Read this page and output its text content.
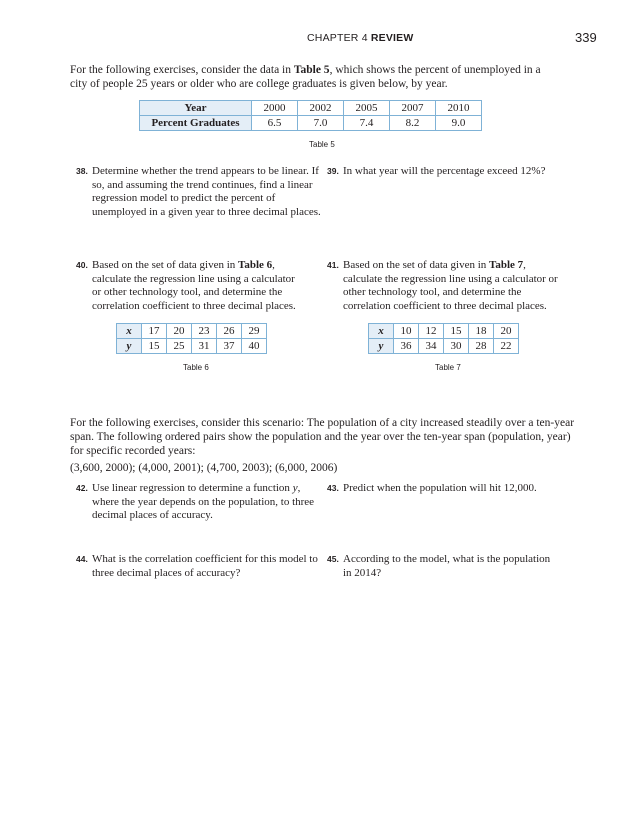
CHAPTER 4 REVIEW	339
For the following exercises, consider the data in Table 5, which shows the percent of unemployed in a city of people 25 years or older who are college graduates is given below, by year.
Year	2000	2002	2005	2007	2010
Percent Graduates	6.5	7.0	7.4	8.2	9.0
Table 5
38. Determine whether the trend appears to be linear. If so, and assuming the trend continues, find a linear regression model to predict the percent of unemployed in a given year to three decimal places.
39. In what year will the percentage exceed 12%?
40. Based on the set of data given in Table 6, calculate the regression line using a calculator or other technology tool, and determine the correlation coefficient to three decimal places.
41. Based on the set of data given in Table 7, calculate the regression line using a calculator or other technology tool, and determine the correlation coefficient to three decimal places.
x	17	20	23	26	29
y	15	25	31	37	40
Table 6
x	10	12	15	18	20
y	36	34	30	28	22
Table 7
For the following exercises, consider this scenario: The population of a city increased steadily over a ten-year span. The following ordered pairs show the population and the year over the ten-year span (population, year) for specific recorded years:
(3,600, 2000); (4,000, 2001); (4,700, 2003); (6,000, 2006)
42. Use linear regression to determine a function y, where the year depends on the population, to three decimal places of accuracy.
43. Predict when the population will hit 12,000.
44. What is the correlation coefficient for this model to three decimal places of accuracy?
45. According to the model, what is the population in 2014?
